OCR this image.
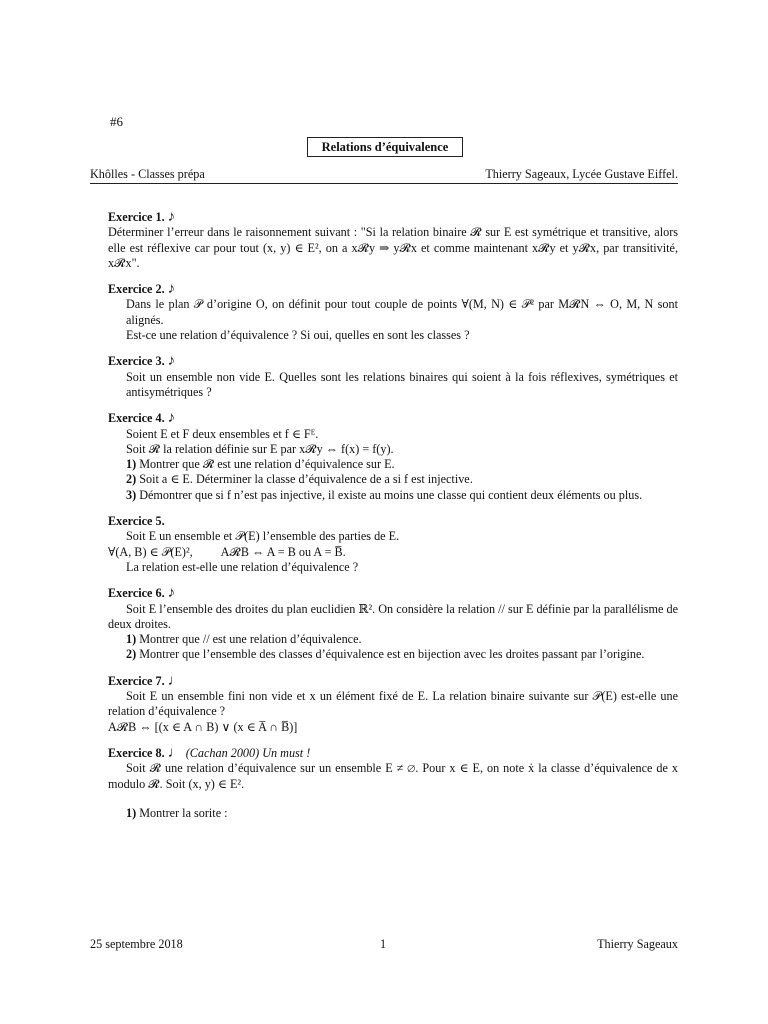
#6
Relations d’équivalence
Khôlles - Classes prépa	Thierry Sageaux, Lycée Gustave Eiffel.
Exercice 1. ♪

Déterminer l’erreur dans le raisonnement suivant : "Si la relation binaire 𝓡 sur E est symétrique et transitive, alors elle est réflexive car pour tout (x, y) ∈ E², on a x𝓡y ⇒ y𝓡x et comme maintenant x𝓡y et y𝓡x, par transitivité, x𝓡x".

Exercice 2. ♪

Dans le plan 𝒫 d’origine O, on définit pour tout couple de points ∀(M, N) ∈ 𝒫² par M𝓡N ⇔ O, M, N sont alignés.

Est-ce une relation d’équivalence ? Si oui, quelles en sont les classes ?

Exercice 3. ♪

Soit un ensemble non vide E. Quelles sont les relations binaires qui soient à la fois réflexives, symétriques et antisymétriques ?

Exercice 4. ♪

Soient E et F deux ensembles et f ∈ Fᴱ.

Soit 𝓡 la relation définie sur E par x𝓡y ⇔ f(x) = f(y).

1) Montrer que 𝓡 est une relation d’équivalence sur E.

2) Soit a ∈ E. Déterminer la classe d’équivalence de a si f est injective.

3) Démontrer que si f n’est pas injective, il existe au moins une classe qui contient deux éléments ou plus.

Exercice 5.

Soit E un ensemble et 𝒫(E) l’ensemble des parties de E.

∀(A, B) ∈ 𝒫(E)², A𝓡B ⇔ A = B ou A = B̅.

La relation est-elle une relation d’équivalence ?

Exercice 6. ♪

Soit E l’ensemble des droites du plan euclidien ℝ². On considère la relation // sur E définie par la parallélisme de deux droites.

1) Montrer que // est une relation d’équivalence.

2) Montrer que l’ensemble des classes d’équivalence est en bijection avec les droites passant par l’origine.

Exercice 7. ♩

Soit E un ensemble fini non vide et x un élément fixé de E. La relation binaire suivante sur 𝒫(E) est-elle une relation d’équivalence ?

A𝓡B ⇔ [(x ∈ A ∩ B) ∨ (x ∈ A̅ ∩ B̅)]

Exercice 8. ♩ (Cachan 2000) Un must !

Soit 𝓡 une relation d’équivalence sur un ensemble E ≠ ∅. Pour x ∈ E, on note ẋ la classe d’équivalence de x modulo 𝓡. Soit (x, y) ∈ E².

1) Montrer la sorite :

25 septembre 2018	1	Thierry Sageaux
